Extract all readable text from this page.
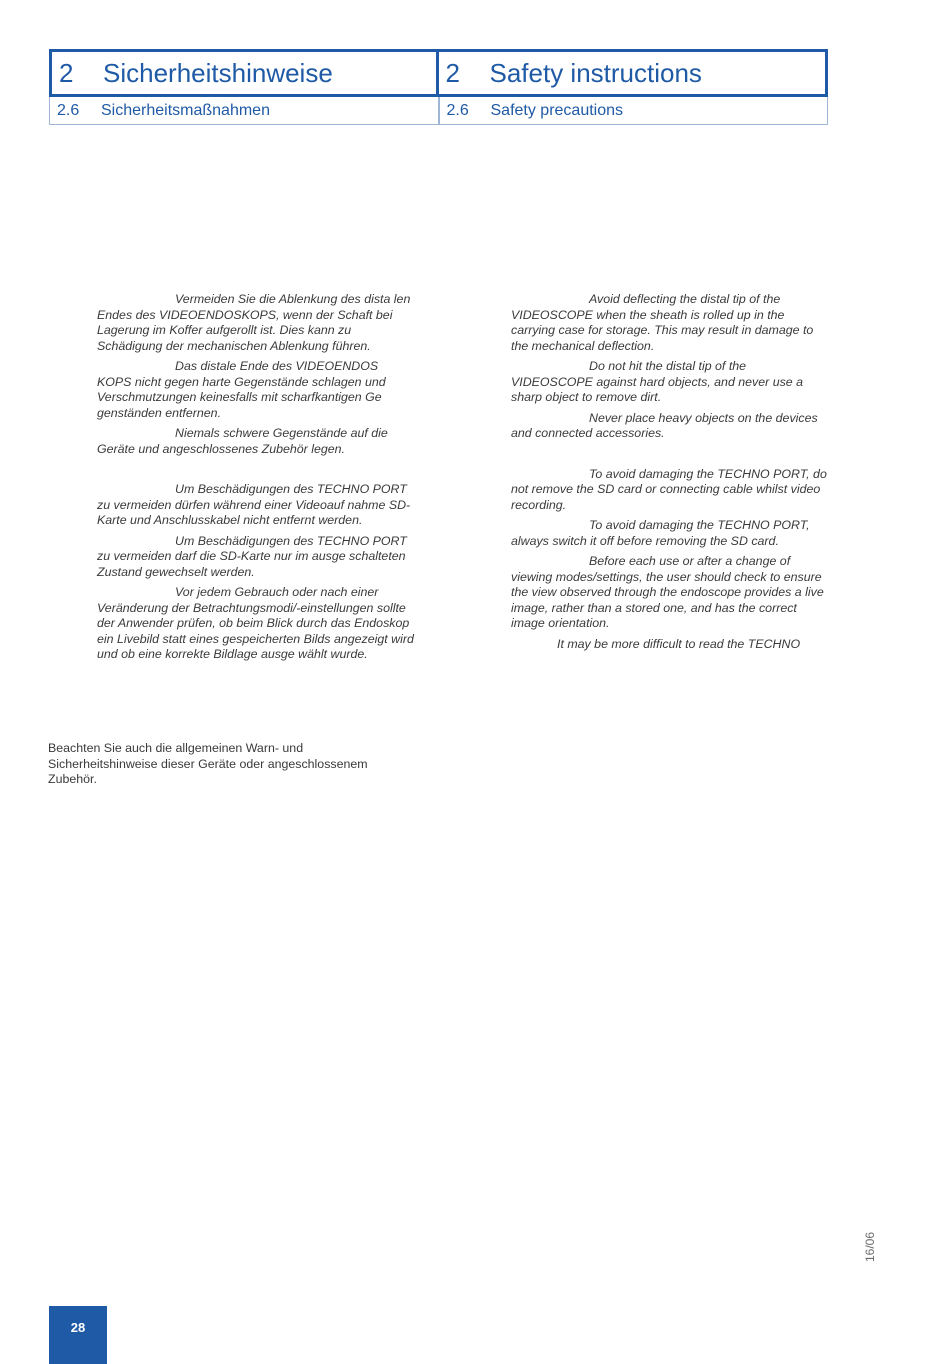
2	Sicherheitshinweise	2	Safety instructions
2.6	Sicherheitsmaßnahmen	2.6	Safety precautions

Vermeiden Sie die Ablenkung des dista len Endes des VIDEOENDOSKOPS, wenn der Schaft bei Lagerung im Koffer aufgerollt ist. Dies kann zu Schädigung der mechanischen Ablenkung führen.

Das distale Ende des VIDEOENDOS KOPS nicht gegen harte Gegenstände schlagen und Verschmutzungen keinesfalls mit scharfkantigen Ge genständen entfernen.

Niemals schwere Gegenstände auf die Geräte und angeschlossenes Zubehör legen.

Um Beschädigungen des TECHNO PORT zu vermeiden dürfen während einer Videoauf nahme SD-Karte und Anschlusskabel nicht entfernt werden.

Um Beschädigungen des TECHNO PORT zu vermeiden darf die SD-Karte nur im ausge schalteten Zustand gewechselt werden.

Vor jedem Gebrauch oder nach einer Veränderung der Betrachtungsmodi/-einstellungen sollte der Anwender prüfen, ob beim Blick durch das Endoskop ein Livebild statt eines gespeicherten Bilds angezeigt wird und ob eine korrekte Bildlage ausge wählt wurde.

Avoid deflecting the distal tip of the VIDEOSCOPE when the sheath is rolled up in the carrying case for storage. This may result in damage to the mechanical deflection.

Do not hit the distal tip of the VIDEOSCOPE against hard objects, and never use a sharp object to remove dirt.

Never place heavy objects on the devices and connected accessories.

To avoid damaging the TECHNO PORT, do not remove the SD card or connecting cable whilst video recording.

To avoid damaging the TECHNO PORT, always switch it off before removing the SD card.

Before each use or after a change of viewing modes/settings, the user should check to ensure the view observed through the endoscope provides a live image, rather than a stored one, and has the correct image orientation.

It may be more difficult to read the TECHNO

Beachten Sie auch die allgemeinen Warn- und Sicherheitshinweise dieser Geräte oder angeschlossenem Zubehör.

16/06
28
